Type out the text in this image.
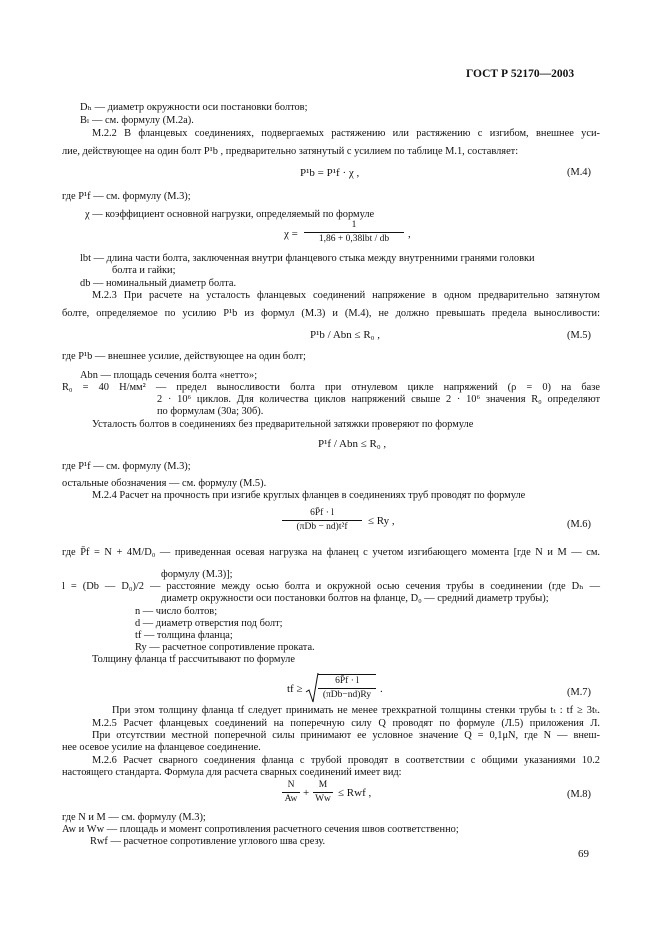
ГОСТ Р 52170—2003
Dₕ — диаметр окружности оси постановки болтов;
Bₗ — см. формулу (М.2а).
М.2.2 В фланцевых соединениях, подвергаемых растяжению или растяжению с изгибом, внешнее уси-
лие, действующее на один болт P¹b , предварительно затянутый с усилием по таблице М.1, составляет:
где P¹f — см. формулу (М.3);
χ — коэффициент основной нагрузки, определяемый по формуле
lbt — длина части болта, заключенная внутри фланцевого стыка между внутренними гранями головки
болта и гайки;
db — номинальный диаметр болта.
М.2.3 При расчете на усталость фланцевых соединений напряжение в одном предварительно затянутом
болте, определяемое по усилию P¹b из формул (М.3) и (М.4), не должно превышать предела выносливости:
где P¹b — внешнее усилие, действующее на один болт;
Abn — площадь сечения болта «нетто»;
R₀ = 40 Н/мм² — предел выносливости болта при отнулевом цикле напряжений (ρ = 0) на базе
2 · 10⁶ циклов. Для количества циклов напряжений свыше 2 · 10⁶ значения R₀ определяют
по формулам (30а; 30б).
Усталость болтов в соединениях без предварительной затяжки проверяют по формуле
где P¹f — см. формулу (М.3);
остальные обозначения — см. формулу (М.5).
М.2.4 Расчет на прочность при изгибе круглых фланцев в соединениях труб проводят по формуле
где P̄f = N + 4M/D₀ — приведенная осевая нагрузка на фланец с учетом изгибающего момента [где N и M — см.
формулу (М.3)];
l = (Db — D₀)/2 — расстояние между осью болта и окружной осью сечения трубы в соединении (где Dₕ —
диаметр окружности оси постановки болтов на фланце, D₀ — средний диаметр трубы);
n — число болтов;
d — диаметр отверстия под болт;
tf — толщина фланца;
Ry — расчетное сопротивление проката.
Толщину фланца tf рассчитывают по формуле
При этом толщину фланца tf следует принимать не менее трехкратной толщины стенки трубы tₜ : tf ≥ 3tₜ.
М.2.5 Расчет фланцевых соединений на поперечную силу Q проводят по формуле (Л.5) приложения Л.
При отсутствии местной поперечной силы принимают ее условное значение Q = 0,1μN, где N — внеш-
нее осевое усилие на фланцевое соединение.
М.2.6 Расчет сварного соединения фланца с трубой проводят в соответствии с общими указаниями 10.2
настоящего стандарта. Формула для расчета сварных соединений имеет вид:
где N и M — см. формулу (М.3);
Aw и Ww — площадь и момент сопротивления расчетного сечения швов соответственно;
Rwf — расчетное сопротивление углового шва срезу.
P¹b = P¹f · χ ,
P¹b / Abn ≤ R₀ ,
P¹f / Abn ≤ R₀ ,
χ =
1
1,86 + 0,38lbt / db	,
6P̄f · l
(πDb − nd)t²f	≤ Ry ,
tf ≥
6P̄f · l
(πDb−nd)Ry .
N
Aw +
M
Ww ≤ Rwf ,
(М.4)
(М.5)
(М.6)
(М.7)
(М.8)
69
